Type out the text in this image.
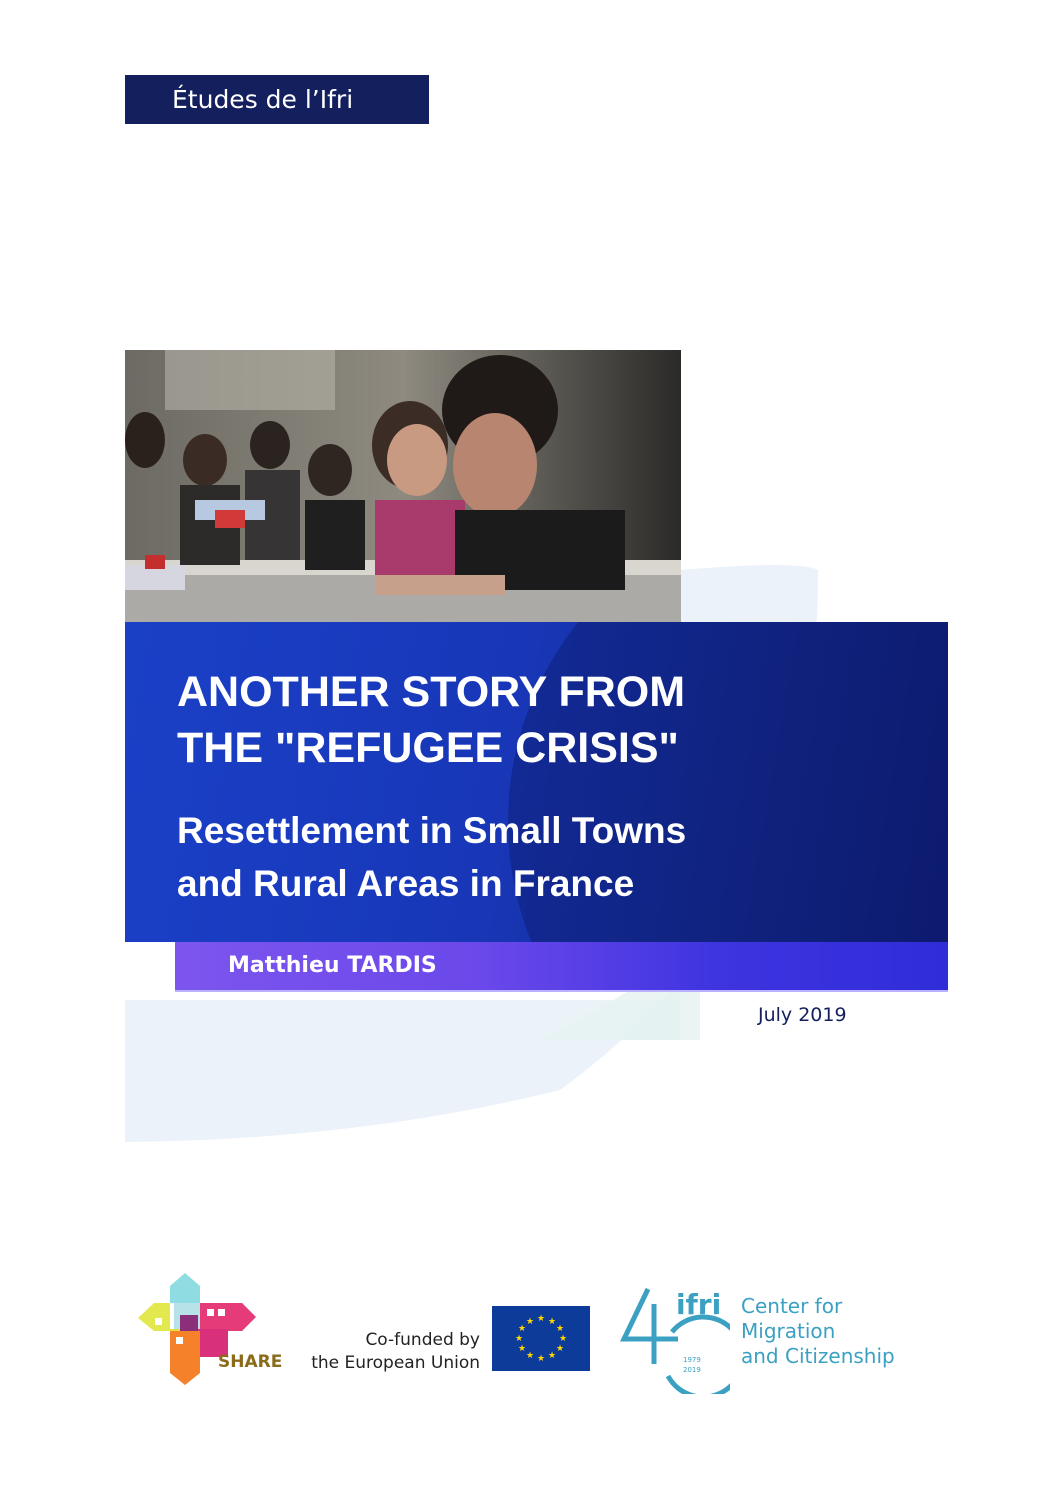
Études de l’Ifri
ANOTHER STORY FROM
THE "REFUGEE CRISIS"
Resettlement in Small Towns
and Rural Areas in France
Matthieu TARDIS
July 2019
SHARE
Co-funded by
the European Union
★ ★
★
★
★
★
★
★
★
★
★
★
ifri
1979
2019
Center for
Migration
and Citizenship
